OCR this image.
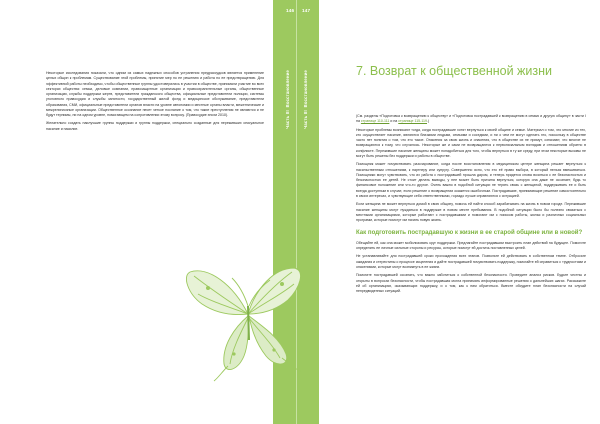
146 147
Часть III  Восстановление
Часть III  Восстановление

Некоторые исследования показали, что одним из самых надежных способов устранения предрассудков является применение целых общин к проблемам. Существование этой проблемы, принятие мер по ее решению и работа по ее предотвращению. Для эффективной работы необходимо, чтобы общественные группы удостоверились в участии в обществе, принимали участие во всех секторах общества: семьи, деловые компании, правозащитные организации и правоохранительные органы, общественные организации, службы поддержки жертв, представители гражданского общества, официальные представители полиции, системы уголовного правосудия и службы занятости, государственный жилой фонд и медицинское обслуживание, представители образования, СМИ, официальные представители органов власти на уровне автономии и местные органы власти, межэтнические и межрелигиозные организации. Общественное осознание несет четкое послание о том, что такие преступления не являются и не будут терпимы, ни на одном уровне, помогающем на сопротивлении этому вопросу. (Правосудие эпохи 2010).

Желательно создать наилучшие группы поддержки и группы поддержки, специально созданные для переживших сексуальное насилие и насилие.

7. Возврат к общественной жизни

(См. разделы «Подготовка к возвращению к обществу» и «Подготовка пострадавшей к возвращению в семью и другую общину» в части I на странице 110-111 и на странице 115-119.)

Некоторые проблемы возникают тогда, когда пострадавшие хотят вернуться к своей общине и семье. Материал о том, что многие из тех, кто осуществляет насилие, являются близкими людьми, семьями и соседями, и ни о чем не могут сделать это, поскольку в обществе часто нет понятия о том, что это такое. Опасения за свою жизнь и опасения, что в обществе их не примут, означают, что многие не возвращаются к тому, что случилось. Некоторые же и сами не возвращаются к первоначальным взглядам и отношениям обратно в конфликте. Пережившие насилие женщины может понадобиться для того, чтобы вернуться в ту же среду, при этом некоторые вызовы не могут быть решены без поддержки и работы в обществе.

Помощник может почувствовать разочарование, когда после восстановления в медицинском центре женщина решает вернуться к насильственным отношениям, к партнеру или супругу. Совершенно ясно, что это её право выбора, в который нельзя вмешиваться. Помощники могут чувствовать, что их работа с пострадавшей прошла даром, и теперь придется снова возиться с ее безопасностью и безопасностью ее детей. Не стоит делать выводы, у нее может быть причина вернуться, которую она даже не осознает, будь то финансовое положение или что-то другое. Очень важно в подобной ситуации не терять связь с женщиной, поддерживать ее и быть всегда доступным в случае, если решение о возвращении окажется ошибочным. Пострадавшие, принимающие решение самостоятельно в своих интересах, и чувствующие себя ответственными, гораздо лучше справляются с ситуацией.

Если женщина не может вернуться домой в свою общину, помочь ей найти способ зарабатывать на жизнь в новом городе. Пережившие насилие женщины могут нуждаться в поддержке в новом месте пребывания. В подобной ситуации было бы полезно связаться с местными организациями, которые работают с пострадавшими и помогают им с поиском работы, жилья и различных социальных программ, которые помогут им начать новую жизнь.

Как подготовить пострадавшую к жизни в ее старой общине или в новой?

Обещайте ей, как она может мобилизовать круг поддержки. Предлагайте пострадавшим выстроить план действий на будущее. Помогите определить ее личные сильные стороны и ресурсы, которые помогут ей достичь поставленных целей.

Не устанавливайте для пострадавшей сроки прохождения всех этапов. Позвольте ей действовать в собственном темпе. Отбросьте ожидания и стереотипы о процессе исцеления и дайте пострадавшей почувствовать поддержку, помогайте ей справиться с трудностями и опасениями, которые могут возникнуть в ее жизни.

Помогите пострадавшей осознать, что важно заботиться о собственной безопасности. Проведите анализ рисков. Будьте честны и открыты в вопросах безопасности, чтобы пострадавшая могла принимать информированные решения о дальнейших шагах. Расскажите ей об организациях, оказывающих поддержку, и о том, как к ним обратиться. Вместе обсудите план безопасности на случай непредвиденных ситуаций.
